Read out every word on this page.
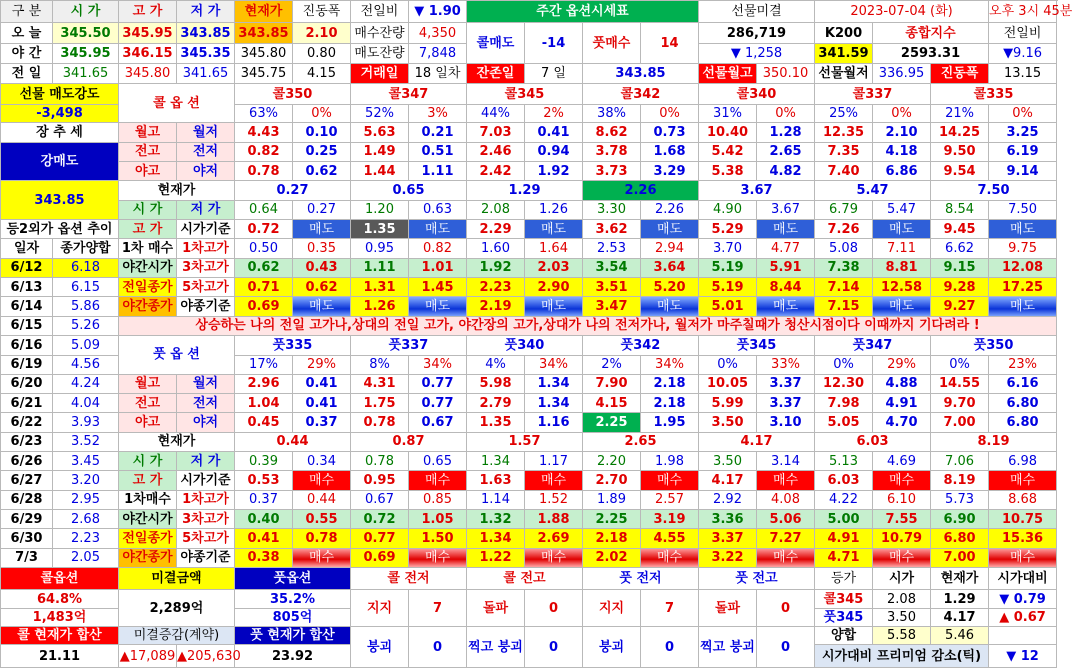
구 분	시 가	고 가	저 가	현재가	진동폭	전일비	▼ 1.90	주간 옵션시세표				선물미결		2023-07-04 (화)			오후 3시 45분
오 늘	345.50	345.95	343.85	343.85	2.10	매수잔량	4,350	콜매도	-14	풋매수	14	286,719		K200	종합지수		전일비
야 간	345.95	346.15	345.35	345.80	0.80	매도잔량	7,848					▼ 1,258		341.59	2593.31		▼9.16
전 일	341.65	345.80	341.65	345.75	4.15	거래일	18 일차	잔존일	7 일	343.85		선물월고	350.10	선물월저	336.95	진동폭	13.15
선물 매도강도		콜 옵 션		콜350		콜347		콜345		콜342		콜340		콜337		콜335	
-3,498				63%	0%	52%	3%	44%	2%	38%	0%	31%	0%	25%	0%	21%	0%
장 추 세		월고	월저	4.43	0.10	5.63	0.21	7.03	0.41	8.62	0.73	10.40	1.28	12.35	2.10	14.25	3.25
강매도		전고	전저	0.82	0.25	1.49	0.51	2.46	0.94	3.78	1.68	5.42	2.65	7.35	4.18	9.50	6.19
		야고	야저	0.78	0.62	1.44	1.11	2.42	1.92	3.73	3.29	5.38	4.82	7.40	6.86	9.54	9.14
343.85		현재가		0.27		0.65		1.29		2.26		3.67		5.47		7.50	
		시 가	저 가	0.64	0.27	1.20	0.63	2.08	1.26	3.30	2.26	4.90	3.67	6.79	5.47	8.54	7.50
등2외가 옵션 추이		고 가	시가기준	0.72	매도	1.35	매도	2.29	매도	3.62	매도	5.29	매도	7.26	매도	9.45	매도
일자	종가양합	1차 매수	1차고가	0.50	0.35	0.95	0.82	1.60	1.64	2.53	2.94	3.70	4.77	5.08	7.11	6.62	9.75
6/12	6.18	야간시가	3차고가	0.62	0.43	1.11	1.01	1.92	2.03	3.54	3.64	5.19	5.91	7.38	8.81	9.15	12.08
6/13	6.15	전일종가	5차고가	0.71	0.62	1.31	1.45	2.23	2.90	3.51	5.20	5.19	8.44	7.14	12.58	9.28	17.25
6/14	5.86	야간종가	야종기준	0.69	매도	1.26	매도	2.19	매도	3.47	매도	5.01	매도	7.15	매도	9.27	매도
6/15	5.26	상승하는 나의 전일 고가나,상대의 전일 고가, 야간장의 고가,상대가 나의 전저가나, 월저가 마주칠때가 청산시점이다 이때까지 기다려라 !															
6/16	5.09	풋 옵 션		풋335		풋337		풋340		풋342		풋345		풋347		풋350	
6/19	4.56			17%	29%	8%	34%	4%	34%	2%	34%	0%	33%	0%	29%	0%	23%
6/20	4.24	월고	월저	2.96	0.41	4.31	0.77	5.98	1.34	7.90	2.18	10.05	3.37	12.30	4.88	14.55	6.16
6/21	4.04	전고	전저	1.04	0.41	1.75	0.77	2.79	1.34	4.15	2.18	5.99	3.37	7.98	4.91	9.70	6.80
6/22	3.93	야고	야저	0.45	0.37	0.78	0.67	1.35	1.16	2.25	1.95	3.50	3.10	5.05	4.70	7.00	6.80
6/23	3.52	현재가		0.44		0.87		1.57		2.65		4.17		6.03		8.19	
6/26	3.45	시 가	저 가	0.39	0.34	0.78	0.65	1.34	1.17	2.20	1.98	3.50	3.14	5.13	4.69	7.06	6.98
6/27	3.20	고 가	시가기준	0.53	매수	0.95	매수	1.63	매수	2.70	매수	4.17	매수	6.03	매수	8.19	매수
6/28	2.95	1차매수	1차고가	0.37	0.44	0.67	0.85	1.14	1.52	1.89	2.57	2.92	4.08	4.22	6.10	5.73	8.68
6/29	2.68	야간시가	3차고가	0.40	0.55	0.72	1.05	1.32	1.88	2.25	3.19	3.36	5.06	5.00	7.55	6.90	10.75
6/30	2.23	전일종가	5차고가	0.41	0.78	0.77	1.50	1.34	2.69	2.18	4.55	3.37	7.27	4.91	10.79	6.80	15.36
7/3	2.05	야간종가	야종기준	0.38	매수	0.69	매수	1.22	매수	2.02	매수	3.22	매수	4.71	매수	7.00	매수
콜옵션		미결금액		풋옵션		콜 전저		콜 전고		풋 전저		풋 전고		등가	시가	현재가	시가대비
64.8%		2,289억		35.2%		지지	7	돌파	0	지지	7	돌파	0	콜345	2.08	1.29	▼ 0.79
1,483억				805억										풋345	3.50	4.17	▲ 0.67
콜 현재가 합산		미결증감(계약)		풋 현재가 합산		붕괴	0	찍고 붕괴	0	붕괴	0	찍고 붕괴	0	양합	5.58	5.46	
21.11		▲17,089	▲205,630	23.92										시가대비 프리미엄 감소(틱)			▼ 12
